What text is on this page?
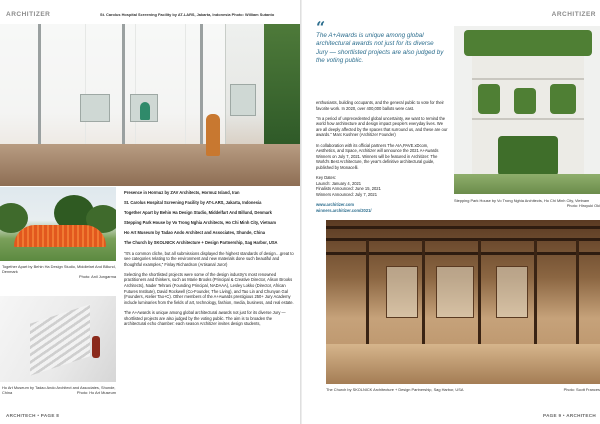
ARCHITIZER	St. Carolus Hospital Screening Facility by AT-LARS, Jakarta, Indonesia Photo: William Sutanto
Together Apart by Behin Ha Design Studio, Middlefart And Billund, Denmark

Photo: Anil Jungarma
Ho Art Museum by Tadao Ando Architect and Associates, Shunde, China	Photo: Ho Art Museum

Presence in Hormuz by ZAV Architects, Hormuz Island, Iran

St. Carolus Hospital Screening Facility by AT-LARS, Jakarta, Indonesia

Together Apart by Behin Ha Design Studio, Middelfart And Billund, Denmark

Stepping Park House by Vo Trong Nghia Architects, Ho Chi Minh City, Vietnam

Ho Art Museum by Tadao Ando Architect and Associates, Shunde, China

The Church by SKOLNICK Architecture + Design Partnership, Sag Harbor, USA

"It's a common cliche, but all submissions displayed the highest standards of design…great to see categories relating to the environment and new materials done such beautiful and thoughtful examples," Finlay Richardson (Artisanal Juror)

Selecting the shortlisted projects were some of the design industry's most renowned practitioners and thinkers, such as Marie Brooks (Principal & Creative Director, Alison Brooks Architects), Nader Tehrani (Founding Principal, NADAAA), Lesley Lokko (Director, African Futures Institute), David Rockwell (Co-Founder, The Living), and Tao Lin and Chunyan Gal (Founders, Atelier Tao+C). Other members of the A+Awards prestigious 250+ Jury Academy include luminaries from the fields of art, technology, fashion, media, business, and real estate.

The A+Awards is unique among global architectural awards not just for its diverse Jury — shortlisted projects are also judged by the voting public. The aim is to broaden the architectural echo chamber: each season Architizer invites design students,

ARCHITECH • PAGE 8
ARCHITIZER
“
The A+Awards is unique among global architectural awards not just for its diverse Jury — shortlisted projects are also judged by the voting public.

enthusiasts, building occupants, and the general public to vote for their favorite work. In 2020, over 400,000 ballots were cast.

"In a period of unprecedented global uncertainty, we want to remind the world how architecture and design impact people's everyday lives. We are all deeply affected by the spaces that surround us, and these are our awards." Marc Kushner (Architizer Founder)

In collaboration with its official partners The AIA,PAVE.xDcom, Aesthetics, and Space, Architizer will announce the 2021 A+Awards Winners on July 7, 2021. Winners will be featured in Architizer: The World's Best Architecture, the year's definitive architectural guide, published by Monacelli.

Key Dates:
Launch: January 4, 2021
Finalists Announced: June 15, 2021
Winners Announced: July 7, 2021

www.architizer.com
winners.architizer.com/2021/

Stepping Park House by Vo Trong Nghia Architects, Ho Chi Minh City, Vietnam
Photo: Hiroyuki Oki
The Church by SKOLNICK Architecture + Design Partnership, Sag Harbor, USA	Photo: Scott Frances
PAGE 9 • ARCHITECH
